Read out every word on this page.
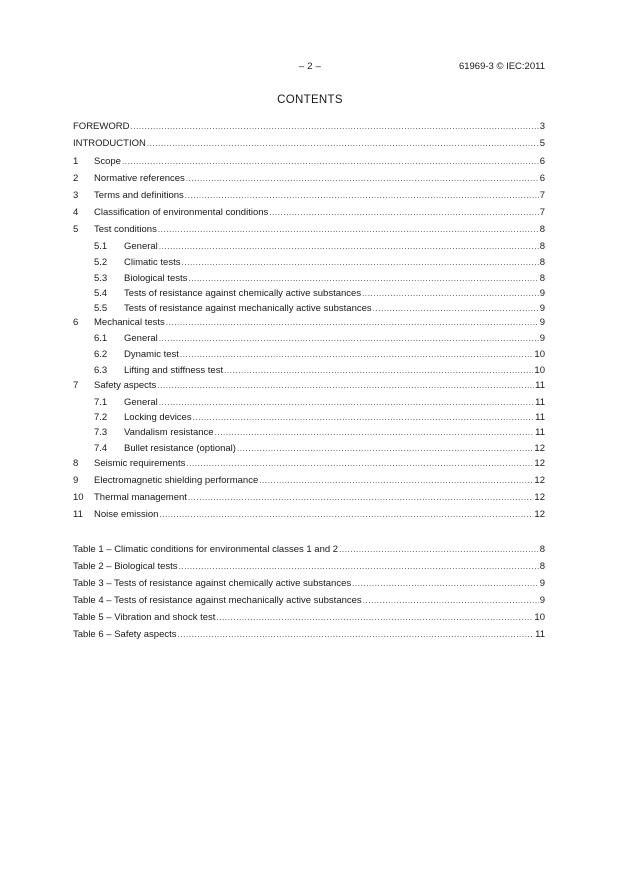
– 2 –	61969-3 © IEC:2011
CONTENTS
FOREWORD .....	3
INTRODUCTION .....	5
1	Scope .....	6
2	Normative references .....	6
3	Terms and definitions .....	7
4	Classification of environmental conditions .....	7
5	Test conditions .....	8
5.1	General .....	8
5.2	Climatic tests .....	8
5.3	Biological tests .....	8
5.4	Tests of resistance against chemically active substances .....	9
5.5	Tests of resistance against mechanically active substances .....	9
6	Mechanical tests .....	9
6.1	General .....	9
6.2	Dynamic test .....	10
6.3	Lifting and stiffness test .....	10
7	Safety aspects .....	11
7.1	General .....	11
7.2	Locking devices .....	11
7.3	Vandalism resistance .....	11
7.4	Bullet resistance (optional) .....	12
8	Seismic requirements .....	12
9	Electromagnetic shielding performance .....	12
10	Thermal management .....	12
11	Noise emission .....	12
Table 1 – Climatic conditions for environmental classes 1 and 2 .....	8
Table 2 – Biological tests .....	8
Table 3 – Tests of resistance against chemically active substances .....	9
Table 4 – Tests of resistance against mechanically active substances .....	9
Table 5 – Vibration and shock test .....	10
Table 6 – Safety aspects .....	11
